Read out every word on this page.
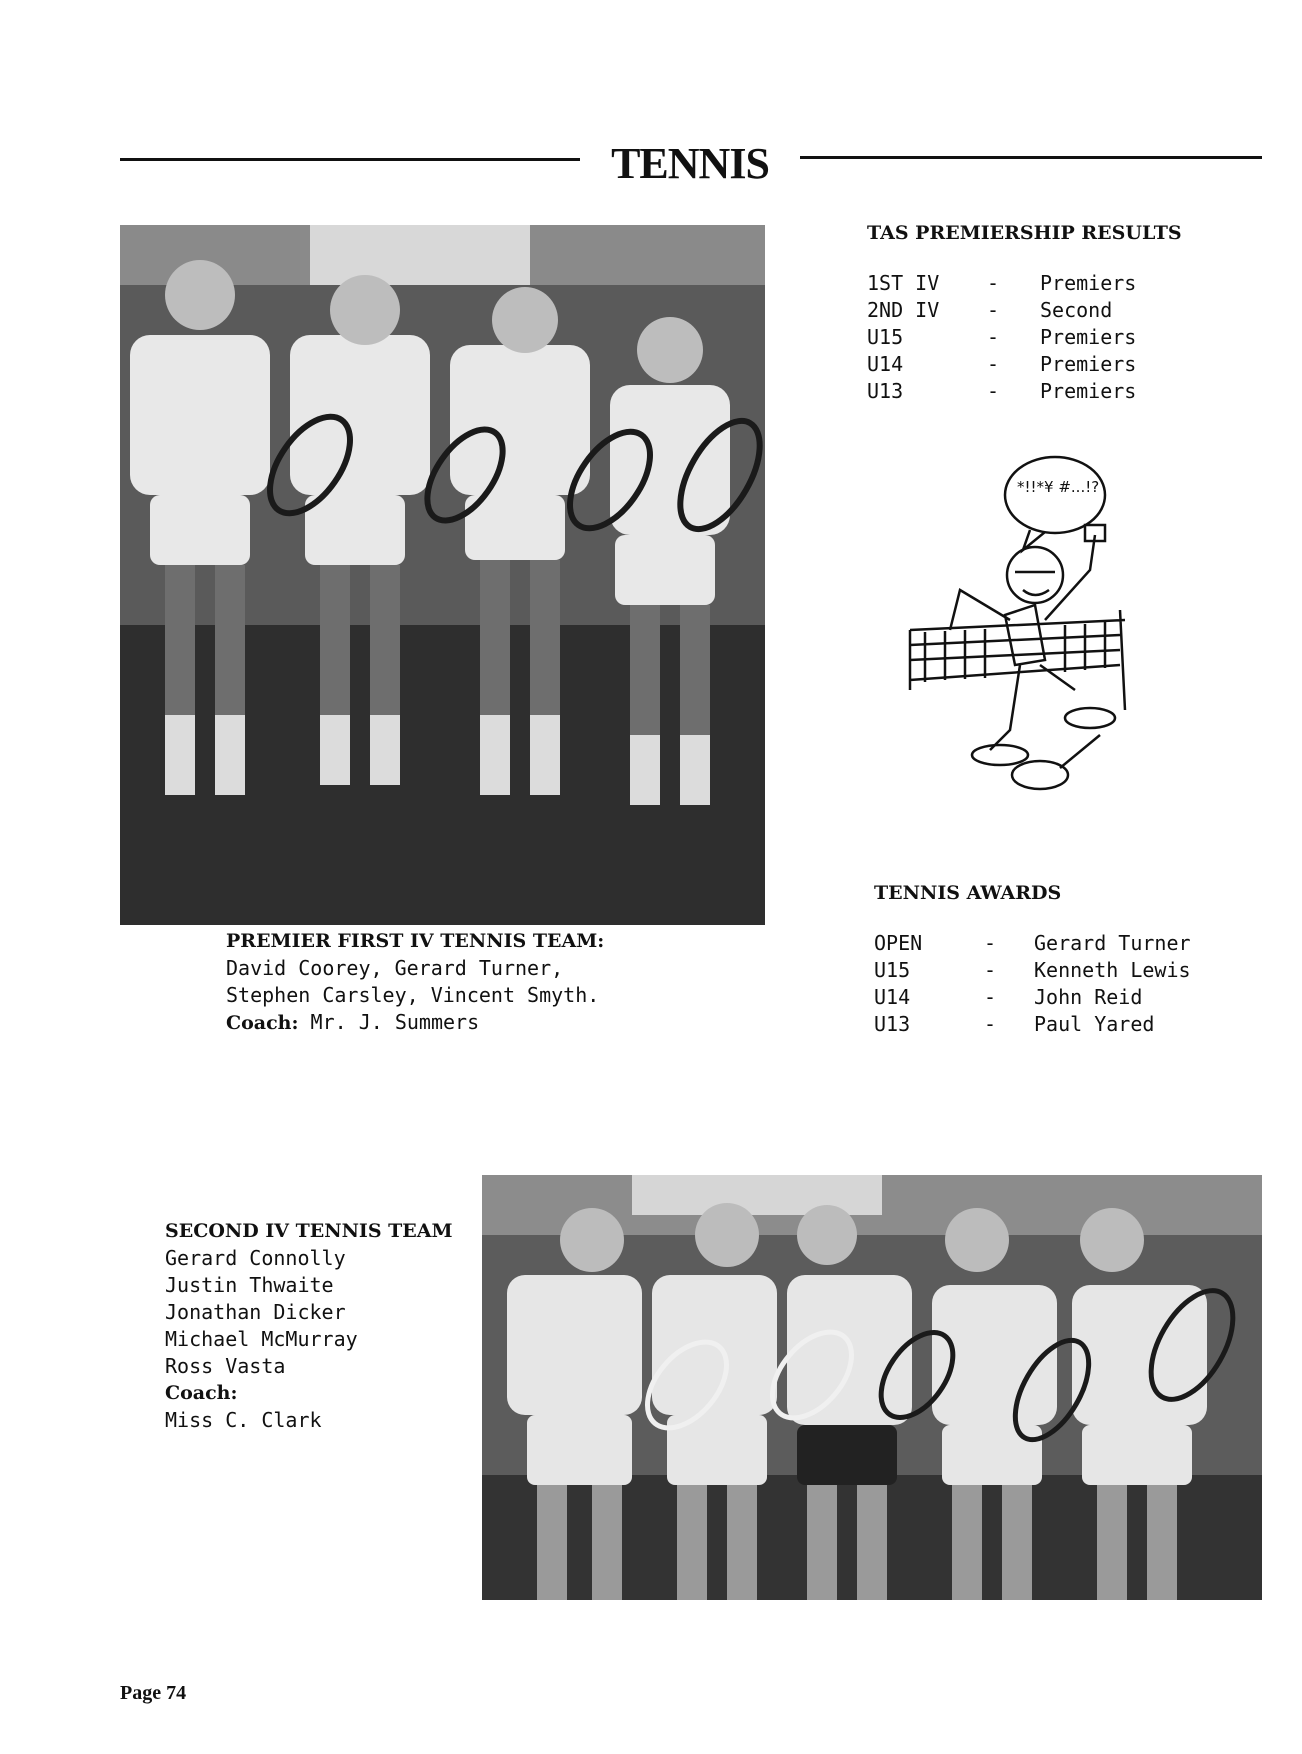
TENNIS
TAS PREMIERSHIP RESULTS
1ST IV	-	Premiers
2ND IV	-	Second
U15	-	Premiers
U14	-	Premiers
U13	-	Premiers
*!!*¥ #...!?
PREMIER FIRST IV TENNIS TEAM:
David Coorey, Gerard Turner,
Stephen Carsley, Vincent Smyth.
Coach: Mr. J. Summers
TENNIS AWARDS
OPEN	-	Gerard Turner
U15	-	Kenneth Lewis
U14	-	John Reid
U13	-	Paul Yared
SECOND IV TENNIS TEAM
Gerard Connolly
Justin Thwaite
Jonathan Dicker
Michael McMurray
Ross Vasta
Coach:
Miss C. Clark
Page 74
